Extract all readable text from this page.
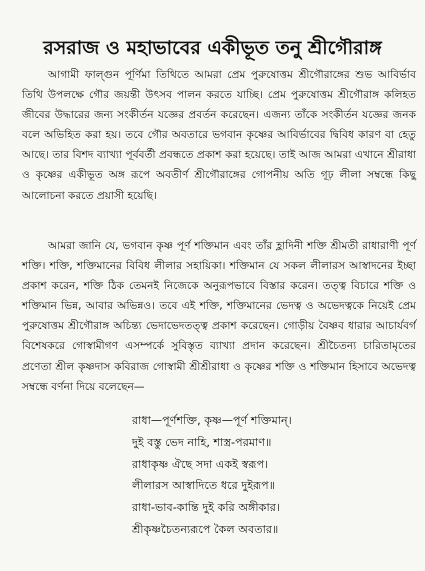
রসরাজ ও মহাভাবের একীভূত তনু শ্রীগৌরাঙ্গ
আগামী ফাল্গুন পূর্ণিমা তিথিতে আমরা প্রেম পুরুষোত্তম শ্রীগৌরাঙ্গের শুভ আবির্ভাব তিথি উপলক্ষে গৌর জয়ন্তী উৎসব পালন করতে যাচ্ছি। প্রেম পুরুষোত্তম শ্রীগৌরাঙ্গ কলিহত জীবের উদ্ধারের জন্য সংকীর্তন যজ্ঞের প্রবর্তন করেছেন। এজন্য তাঁকে সংকীর্তন যজ্ঞের জনক বলে অভিহিত করা হয়। তবে গৌর অবতারে ভগবান কৃষ্ণের আবির্ভাবের দ্বিবিধ কারণ বা হেতু আছে। তার বিশদ ব্যাখ্যা পূর্ববর্তী প্রবন্ধতে প্রকাশ করা হয়েছে। তাই আজ আমরা এখানে শ্রীরাধা ও কৃষ্ণের একীভূত অঙ্গ রূপে অবতীর্ণ শ্রীগৌরাঙ্গের গোপনীয় অতি গূঢ় লীলা সম্বন্ধে কিছু আলোচনা করতে প্রয়াসী হয়েছি।
আমরা জানি যে, ভগবান কৃষ্ণ পূর্ণ শক্তিমান এবং তাঁর হ্লাদিনী শক্তি শ্রীমতী রাধারাণী পূর্ণ শক্তি। শক্তি, শক্তিমানের বিবিধ লীলার সহায়িকা। শক্তিমান যে সকল লীলারস আস্বাদনের ইচ্ছা প্রকাশ করেন, শক্তি ঠিক তেমনই নিজেকে অনুরূপভাবে বিস্তার করেন। তত্ত্ব বিচারে শক্তি ও শক্তিমান ভিন্ন, আবার অভিন্নও। তবে এই শক্তি, শক্তিমানের ভেদত্ব ও অভেদত্বকে নিয়েই প্রেম পুরুষোত্তম শ্রীগৌরাঙ্গ অচিন্ত্য ভেদাভেদতত্ত্ব প্রকাশ করেছেন। গোড়ীয় বৈষ্ণব ধারার আচার্যবর্গ বিশেষকরে গোস্বামীগণ এসম্পর্কে সুবিস্তৃত ব্যাখ্যা প্রদান করেছেন। শ্রীচৈতন্য চারিতামৃতের প্রণেতা শ্রীল কৃষ্ণদাস কবিরাজ গোস্বামী শ্রীশ্রীরাধা ও কৃষ্ণের শক্তি ও শক্তিমান হিসাবে অভেদত্ব সম্বন্ধে বর্ণনা দিয়ে বলেছেন—
রাধা—পূর্ণশক্তি, কৃষ্ণ—পূর্ণ শক্তিমান্।
দুই বস্তু ভেদ নাহি, শাস্ত্র-পরমাণ॥
রাধাকৃষ্ণ ঐছে সদা একই স্বরূপ।
লীলারস আস্বাদিতে ধরে দুইরূপ॥
রাধা-ভাব-কান্তি দুই করি অঙ্গীকার।
শ্রীকৃষ্ণচৈতন্যরূপে কৈল অবতার॥
